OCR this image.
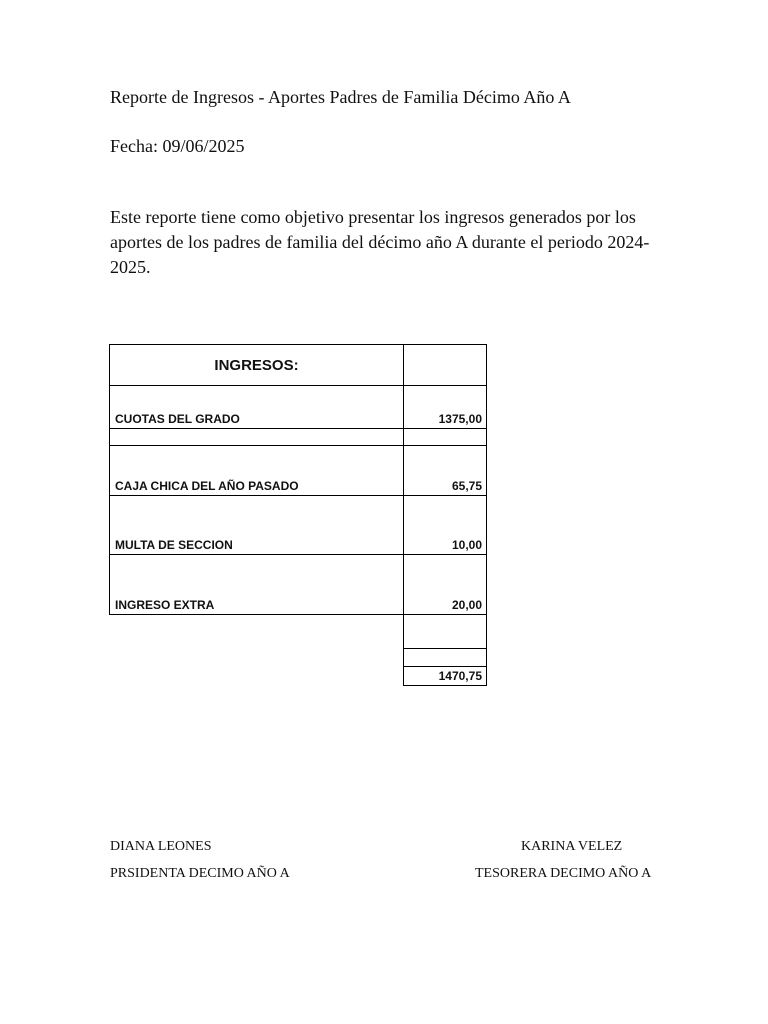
Reporte de Ingresos - Aportes Padres de Familia Décimo Año A
Fecha: 09/06/2025
Este reporte tiene como objetivo presentar los ingresos generados por los aportes de los padres de familia del décimo año A durante el periodo 2024-2025.
INGRESOS:	
CUOTAS DEL GRADO	1375,00

CAJA CHICA DEL AÑO PASADO	65,75
MULTA DE SECCION	10,00
INGRESO EXTRA	20,00

	1470,75
DIANA LEONES
PRSIDENTA DECIMO AÑO A
KARINA VELEZ
TESORERA DECIMO AÑO A
